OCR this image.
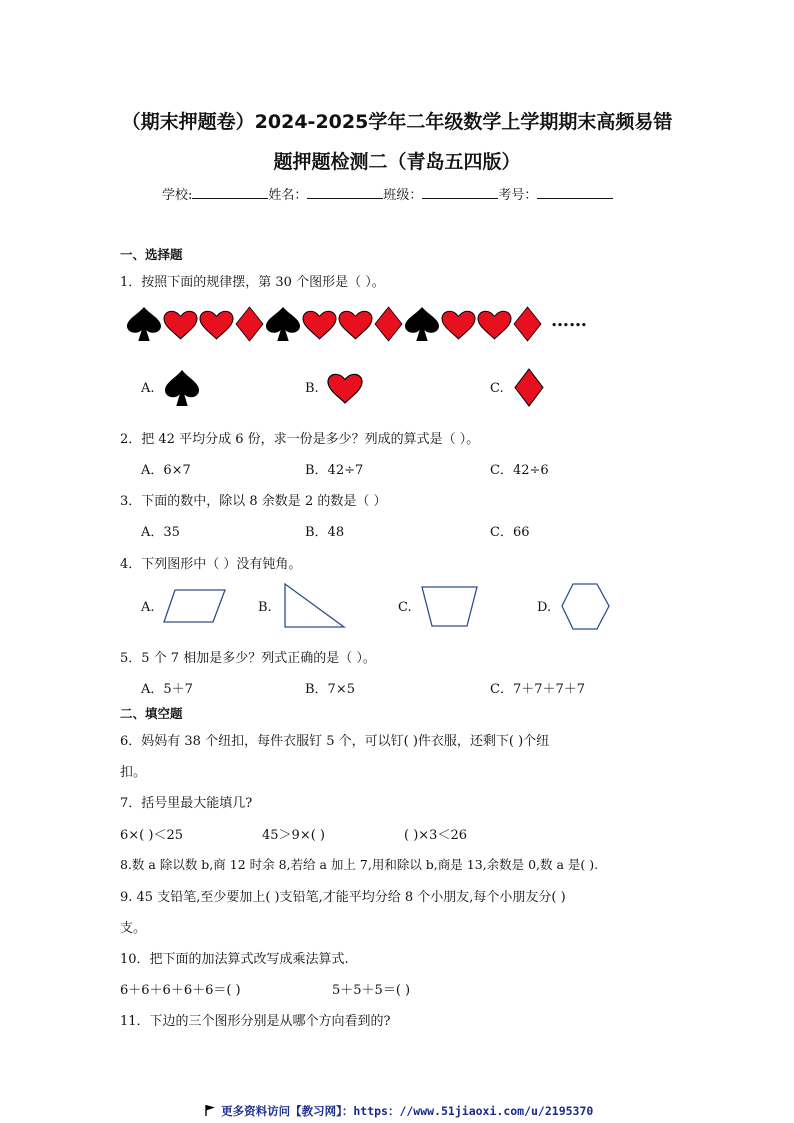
（期末押题卷）2024-2025学年二年级数学上学期期末高频易错
题押题检测二（青岛五四版）
学校:	姓名：	班级：	考号：
一、选择题
1．按照下面的规律摆，第 30 个图形是（ ）。
……
A.	B.	C.
2．把 42 平均分成 6 份，求一份是多少？列成的算式是（ ）。
A．6×7	B．42÷7	C．42÷6
3．下面的数中，除以 8 余数是 2 的数是（ ）
A．35	B．48	C．66
4．下列图形中（ ）没有钝角。
A.	B.	C.	D.
5．5 个 7 相加是多少？列式正确的是（ ）。
A．5＋7	B．7×5	C．7＋7＋7＋7
二、填空题
6．妈妈有 38 个纽扣，每件衣服钉 5 个，可以钉( )件衣服，还剩下( )个纽
扣。
7．括号里最大能填几?
6×( )＜25	45＞9×( )	( )×3＜26
8.数 a 除以数 b,商 12 时余 8,若给 a 加上 7,用和除以 b,商是 13,余数是 0,数 a 是( ).
9. 45 支铅笔,至少要加上( )支铅笔,才能平均分给 8 个小朋友,每个小朋友分( )
支。
10．把下面的加法算式改写成乘法算式.
6＋6＋6＋6＋6＝( )	5＋5＋5＝( )
11．下边的三个图形分别是从哪个方向看到的?
更多资料访问【教习网】：https：//www.51jiaoxi.com/u/2195370
